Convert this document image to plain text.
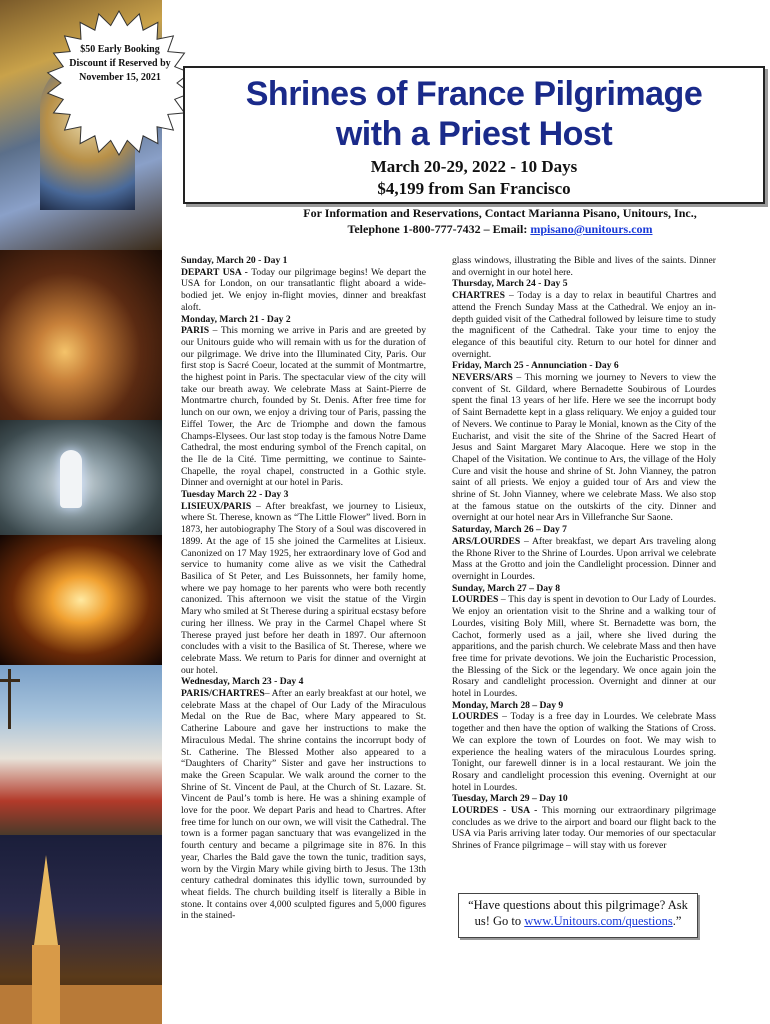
$50 Early Booking Discount if Reserved by November 15, 2021	Shrines of France Pilgrimage
with a Priest Host
March 20-29, 2022 - 10 Days
$4,199 from San Francisco
For Information and Reservations, Contact Marianna Pisano, Unitours, Inc.,
Telephone 1-800-777-7432 – Email: mpisano@unitours.com

Sunday, March 20 - Day 1
DEPART USA - Today our pilgrimage begins! We depart the USA for London, on our transatlantic flight aboard a wide-bodied jet. We enjoy in-flight movies, dinner and breakfast aloft.

Monday, March 21 - Day 2
PARIS – This morning we arrive in Paris and are greeted by our Unitours guide who will remain with us for the duration of our pilgrimage. We drive into the Illuminated City, Paris. Our first stop is Sacré Coeur, located at the summit of Montmartre, the highest point in Paris. The spectacular view of the city will take our breath away. We celebrate Mass at Saint-Pierre de Montmartre church, founded by St. Denis. After free time for lunch on our own, we enjoy a driving tour of Paris, passing the Eiffel Tower, the Arc de Triomphe and down the famous Champs-Elysees. Our last stop today is the famous Notre Dame Cathedral, the most enduring symbol of the French capital, on the Ile de la Cité. Time permitting, we continue to Sainte-Chapelle, the royal chapel, constructed in a Gothic style. Dinner and overnight at our hotel in Paris.

Tuesday March 22 - Day 3
LISIEUX/PARIS – After breakfast, we journey to Lisieux, where St. Therese, known as “The Little Flower” lived. Born in 1873, her autobiography The Story of a Soul was discovered in 1899. At the age of 15 she joined the Carmelites at Lisieux. Canonized on 17 May 1925, her extraordinary love of God and service to humanity come alive as we visit the Cathedral Basilica of St Peter, and Les Buissonnets, her family home, where we pay homage to her parents who were both recently canonized. This afternoon we visit the statue of the Virgin Mary who smiled at St Therese during a spiritual ecstasy before curing her illness. We pray in the Carmel Chapel where St Therese prayed just before her death in 1897. Our afternoon concludes with a visit to the Basilica of St. Therese, where we celebrate Mass. We return to Paris for dinner and overnight at our hotel.

Wednesday, March 23 - Day 4
PARIS/CHARTRES– After an early breakfast at our hotel, we celebrate Mass at the chapel of Our Lady of the Miraculous Medal on the Rue de Bac, where Mary appeared to St. Catherine Laboure and gave her instructions to make the Miraculous Medal. The shrine contains the incorrupt body of St. Catherine. The Blessed Mother also appeared to a “Daughters of Charity” Sister and gave her instructions to make the Green Scapular. We walk around the corner to the Shrine of St. Vincent de Paul, at the Church of St. Lazare. St. Vincent de Paul’s tomb is here. He was a shining example of love for the poor. We depart Paris and head to Chartres. After free time for lunch on our own, we will visit the Cathedral. The town is a former pagan sanctuary that was evangelized in the fourth century and became a pilgrimage site in 876. In this year, Charles the Bald gave the town the tunic, tradition says, worn by the Virgin Mary while giving birth to Jesus. The 13th century cathedral dominates this idyllic town, surrounded by wheat fields. The church building itself is literally a Bible in stone. It contains over 4,000 sculpted figures and 5,000 figures in the stained-

glass windows, illustrating the Bible and lives of the saints. Dinner and overnight in our hotel here.

Thursday, March 24 - Day 5
CHARTRES – Today is a day to relax in beautiful Chartres and attend the French Sunday Mass at the Cathedral. We enjoy an in-depth guided visit of the Cathedral followed by leisure time to study the magnificent of the Cathedral. Take your time to enjoy the elegance of this beautiful city. Return to our hotel for dinner and overnight.

Friday, March 25 - Annunciation - Day 6
NEVERS/ARS – This morning we journey to Nevers to view the convent of St. Gildard, where Bernadette Soubirous of Lourdes spent the final 13 years of her life. Here we see the incorrupt body of Saint Bernadette kept in a glass reliquary. We enjoy a guided tour of Nevers. We continue to Paray le Monial, known as the City of the Eucharist, and visit the site of the Shrine of the Sacred Heart of Jesus and Saint Margaret Mary Alacoque. Here we stop in the Chapel of the Visitation. We continue to Ars, the village of the Holy Cure and visit the house and shrine of St. John Vianney, the patron saint of all priests. We enjoy a guided tour of Ars and view the shrine of St. John Vianney, where we celebrate Mass. We also stop at the famous statue on the outskirts of the city. Dinner and overnight at our hotel near Ars in Villefranche Sur Saone.

Saturday, March 26 – Day 7
ARS/LOURDES – After breakfast, we depart Ars traveling along the Rhone River to the Shrine of Lourdes. Upon arrival we celebrate Mass at the Grotto and join the Candlelight procession. Dinner and overnight in Lourdes.

Sunday, March 27 – Day 8
LOURDES – This day is spent in devotion to Our Lady of Lourdes. We enjoy an orientation visit to the Shrine and a walking tour of Lourdes, visiting Boly Mill, where St. Bernadette was born, the Cachot, formerly used as a jail, where she lived during the apparitions, and the parish church. We celebrate Mass and then have free time for private devotions. We join the Eucharistic Procession, the Blessing of the Sick or the legendary. We once again join the Rosary and candlelight procession. Overnight and dinner at our hotel in Lourdes.

Monday, March 28 – Day 9
LOURDES – Today is a free day in Lourdes. We celebrate Mass together and then have the option of walking the Stations of Cross. We can explore the town of Lourdes on foot. We may wish to experience the healing waters of the miraculous Lourdes spring. Tonight, our farewell dinner is in a local restaurant. We join the Rosary and candlelight procession this evening. Overnight at our hotel in Lourdes.

Tuesday, March 29 – Day 10
LOURDES - USA - This morning our extraordinary pilgrimage concludes as we drive to the airport and board our flight back to the USA via Paris arriving later today. Our memories of our spectacular Shrines of France pilgrimage – will stay with us forever

“Have questions about this pilgrimage? Ask us! Go to www.Unitours.com/questions.”
